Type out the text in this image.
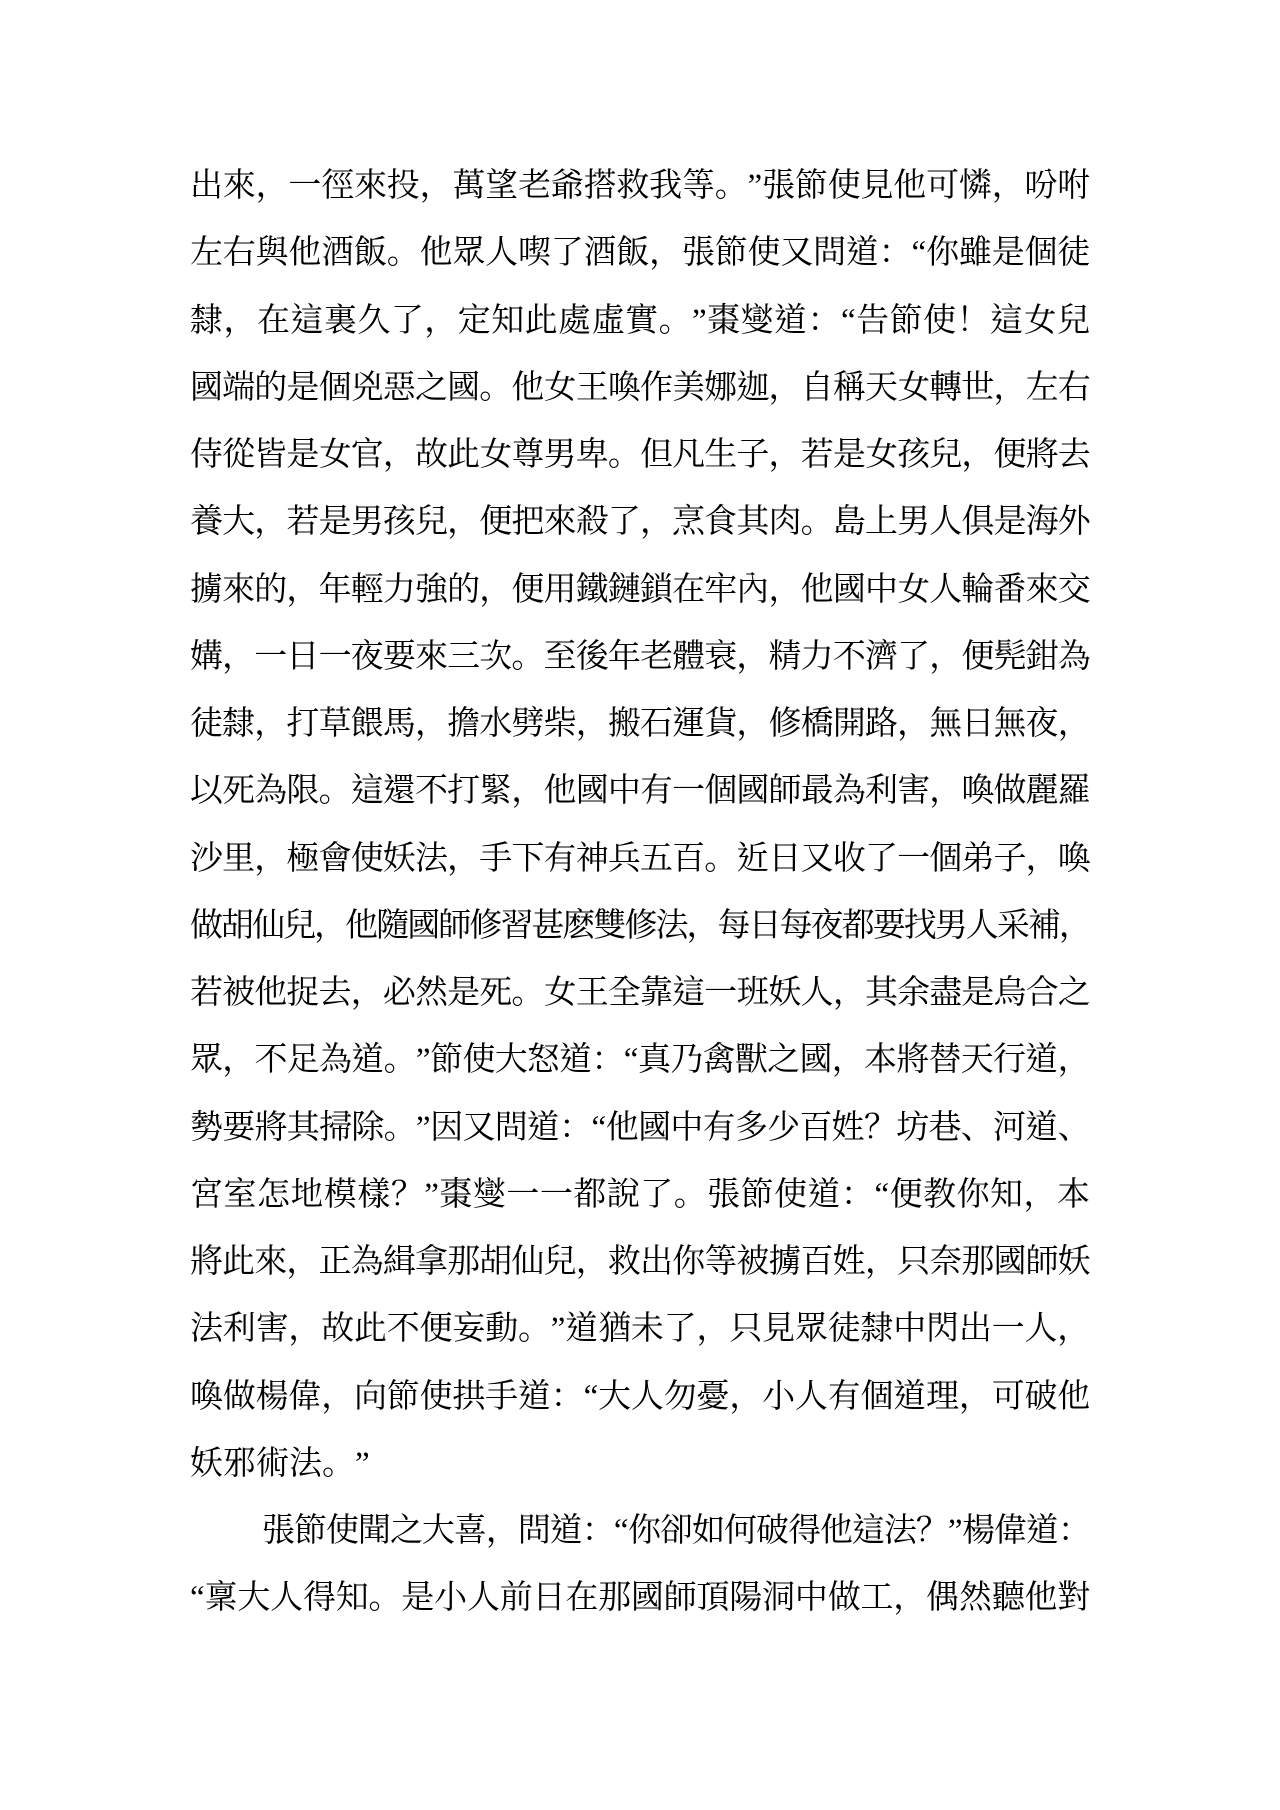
出 來 ， 一 徑 來 投 ， 萬 望 老 爺 搭 救 我 等 。 ” 張 節 使 見 他 可 憐 ， 吩 咐
左 右 與 他 酒 飯 。 他 眾 人 喫 了 酒 飯 ， 張 節 使 又 問 道 ： “ 你 雖 是 個 徒
隸 ， 在 這 裏 久 了 ， 定 知 此 處 虛 實 。 ” 棗 燮 道 ： “ 告 節 使 ！ 這 女 兒
國 端 的 是 個 兇 惡 之 國 。 他 女 王 喚 作 美 娜 迦 ， 自 稱 天 女 轉 世 ， 左 右
侍 從 皆 是 女 官 ， 故 此 女 尊 男 卑 。 但 凡 生 子 ， 若 是 女 孩 兒 ， 便 將 去
養 大 ， 若 是 男 孩 兒 ， 便 把 來 殺 了 ， 烹 食 其 肉 。 島 上 男 人 俱 是 海 外
擄 來 的 ， 年 輕 力 強 的 ， 便 用 鐵 鏈 鎖 在 牢 內 ， 他 國 中 女 人 輪 番 來 交
媾 ， 一 日 一 夜 要 來 三 次 。 至 後 年 老 體 衰 ， 精 力 不 濟 了 ， 便 髡 鉗 為
徒 隸 ， 打 草 餵 馬 ， 擔 水 劈 柴 ， 搬 石 運 貨 ， 修 橋 開 路 ， 無 日 無 夜 ，
以 死 為 限 。 這 還 不 打 緊 ， 他 國 中 有 一 個 國 師 最 為 利 害 ， 喚 做 麗 羅
沙 里 ， 極 會 使 妖 法 ， 手 下 有 神 兵 五 百 。 近 日 又 收 了 一 個 弟 子 ， 喚
做
胡
仙
兒
，
他
隨
國
師
修
習
甚
麽
雙
修
法
，
每
日
每
夜
都
要
找
男
人
采
補
，
若 被 他 捉 去 ， 必 然 是 死 。 女 王 全 靠 這 一 班 妖 人 ， 其 余 盡 是 烏 合 之
眾 ， 不 足 為 道 。 ” 節 使 大 怒 道 ： “ 真 乃 禽 獸 之 國 ， 本 將 替 天 行 道 ，
勢 要 將 其 掃 除 。 ” 因 又 問 道 ： “ 他 國 中 有 多 少 百 姓 ？ 坊 巷 、 河 道 、
宮 室 怎 地 模 樣 ？ ” 棗 燮 一 一 都 說 了 。 張 節 使 道 ： “ 便 教 你 知 ， 本
將 此 來 ， 正 為 緝 拿 那 胡 仙 兒 ， 救 出 你 等 被 擄 百 姓 ， 只 奈 那 國 師 妖
法 利 害 ， 故 此 不 便 妄 動 。 ” 道 猶 未 了 ， 只 見 眾 徒 隸 中 閃 出 一 人 ，
喚 做 楊 偉 ， 向 節 使 拱 手 道 ： “ 大 人 勿 憂 ， 小 人 有 個 道 理 ， 可 破 他
妖 邪 術 法 。 ”
張
節
使
聞
之
大
喜
，
問
道
：
“ 你
卻
如
何
破
得
他
這
法
？
” 楊
偉
道
：
“ 稟 大 人 得 知 。 是 小 人 前 日 在 那 國 師 頂 陽 洞 中 做 工 ， 偶 然 聽 他 對
